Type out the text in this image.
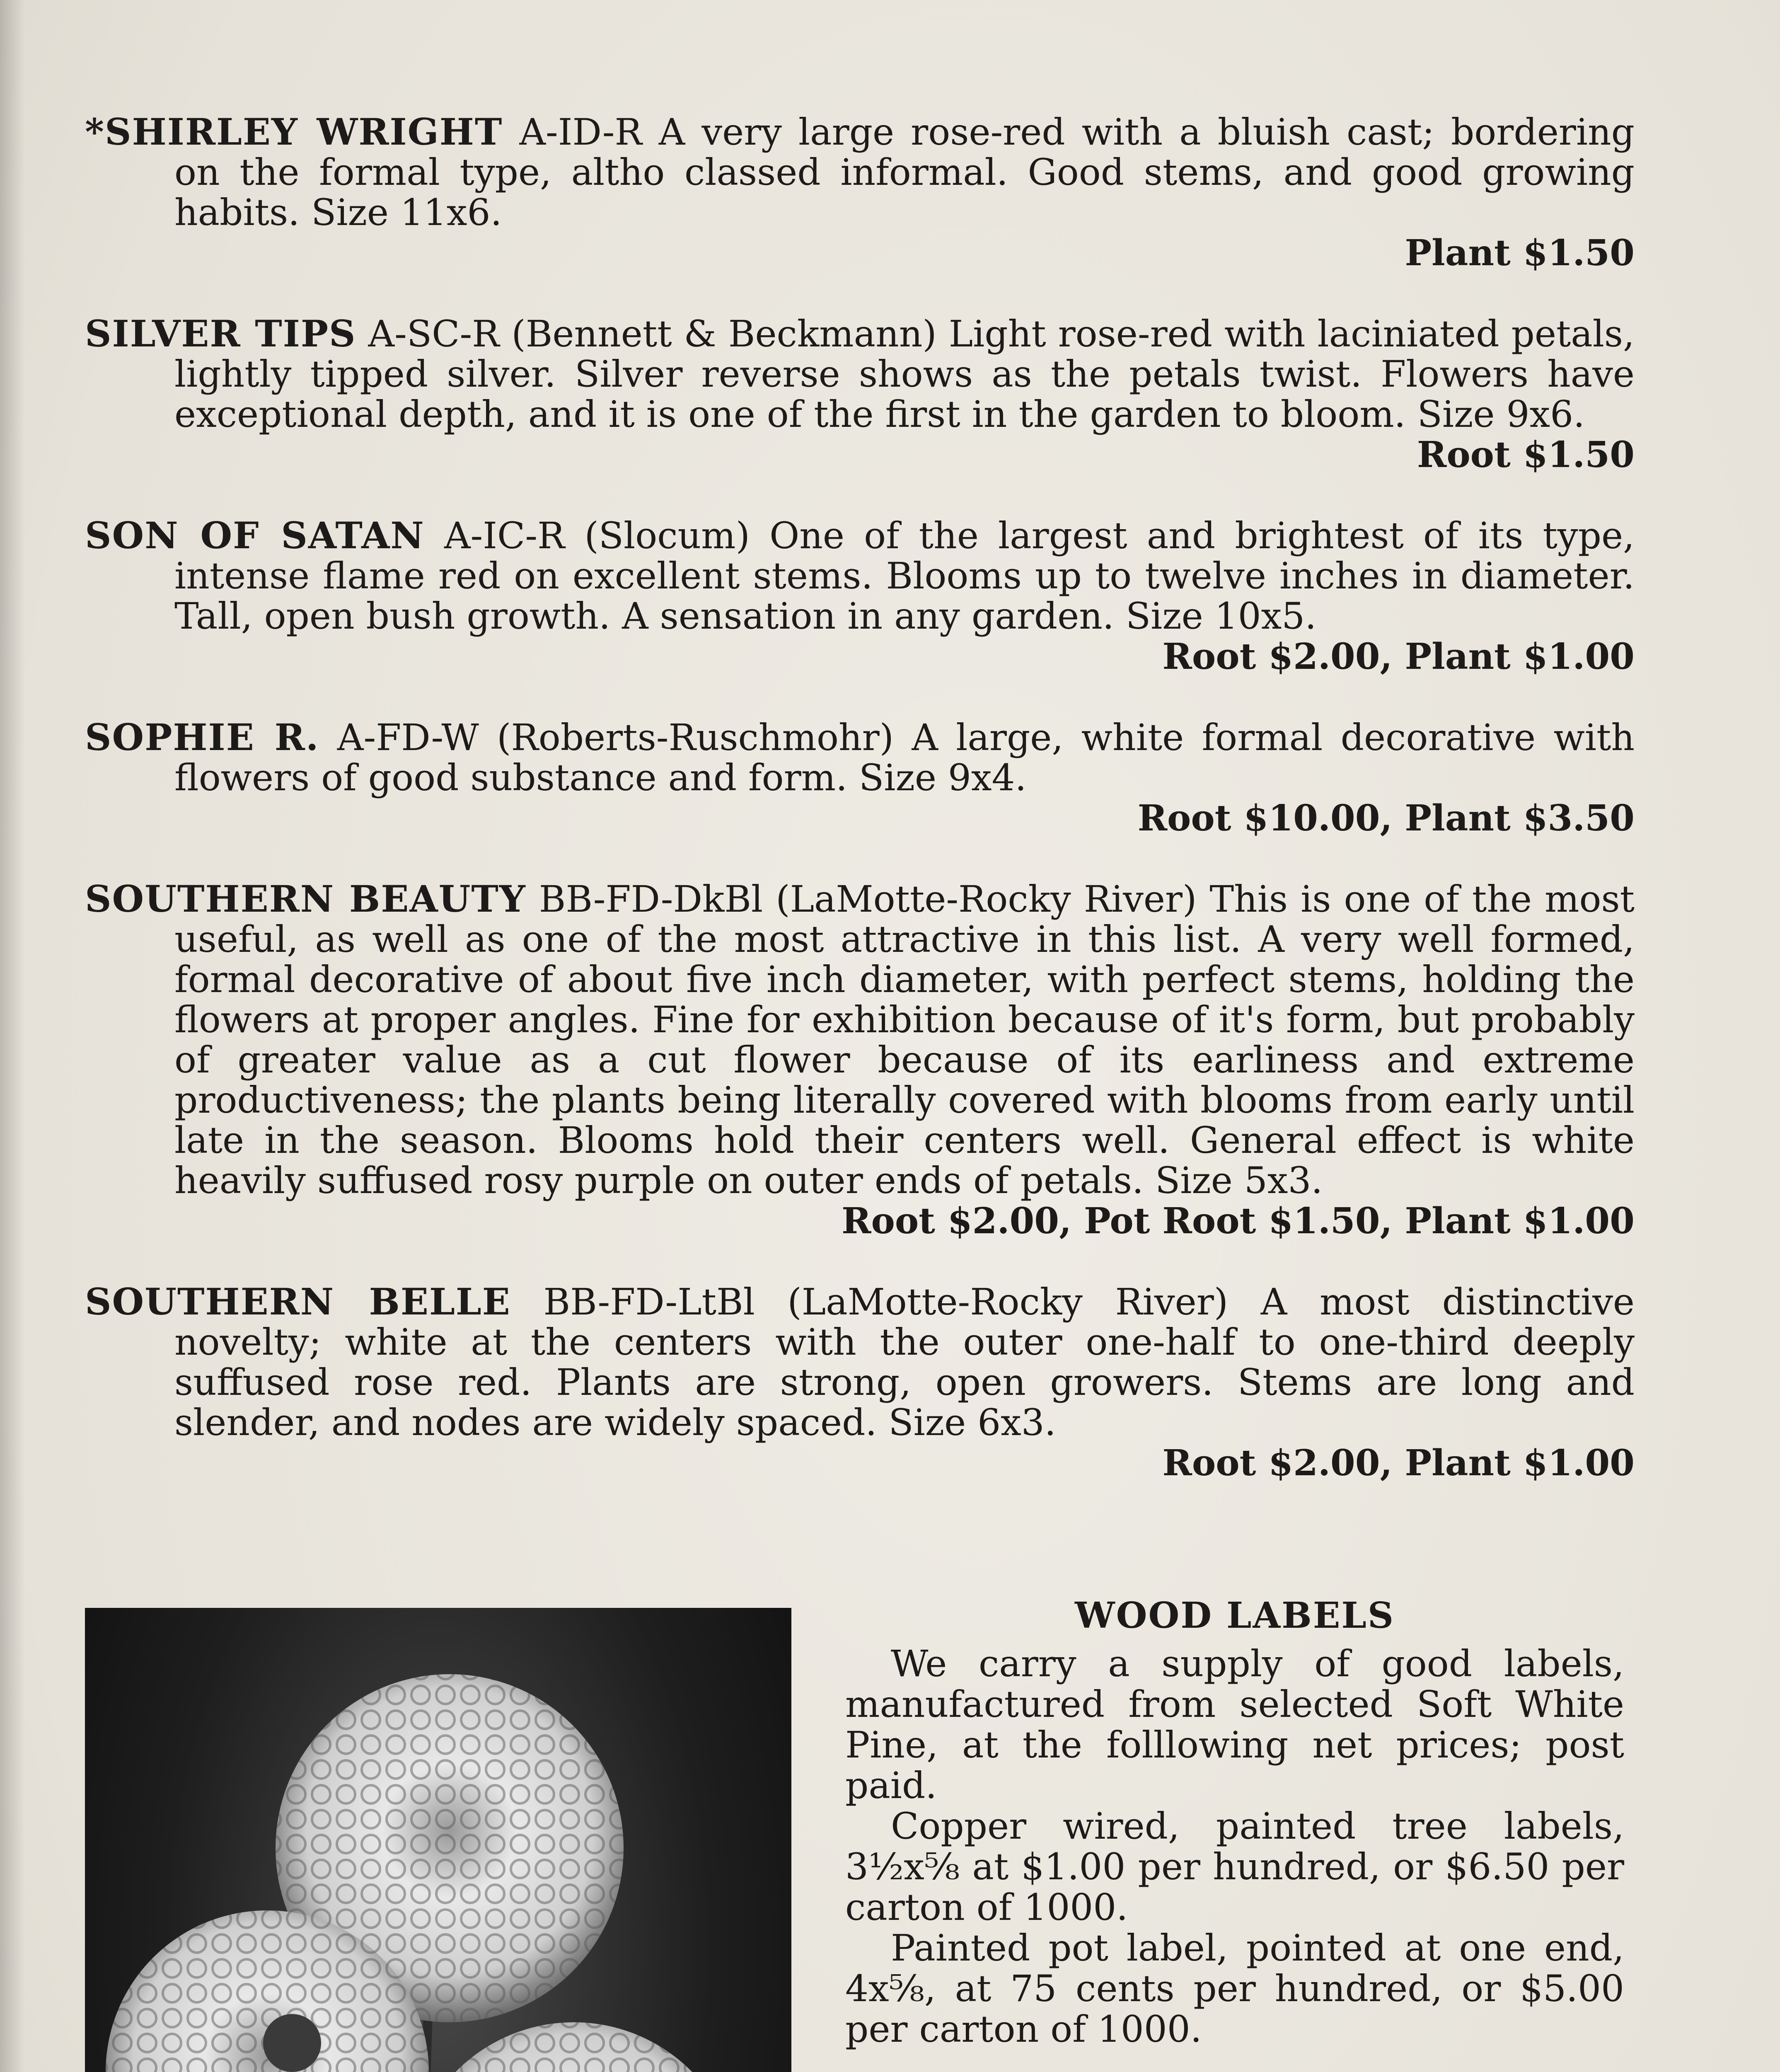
*SHIRLEY WRIGHT A-ID-R A very large rose-red with a bluish cast; bordering on the formal type, altho classed informal. Good stems, and good growing habits. Size 11x6.
Plant $1.50
SILVER TIPS A-SC-R (Bennett & Beckmann) Light rose-red with laciniated petals, lightly tipped silver. Silver reverse shows as the petals twist. Flowers have exceptional depth, and it is one of the first in the garden to bloom. Size 9x6.
Root $1.50
SON OF SATAN A-IC-R (Slocum) One of the largest and brightest of its type, intense flame red on excellent stems. Blooms up to twelve inches in diameter. Tall, open bush growth. A sensation in any garden. Size 10x5.
Root $2.00, Plant $1.00
SOPHIE R. A-FD-W (Roberts-Ruschmohr) A large, white formal decorative with flowers of good substance and form. Size 9x4.
Root $10.00, Plant $3.50
SOUTHERN BEAUTY BB-FD-DkBl (LaMotte-Rocky River) This is one of the most useful, as well as one of the most attractive in this list. A very well formed, formal decorative of about five inch diameter, with perfect stems, holding the flowers at proper angles. Fine for exhibition because of it's form, but probably of greater value as a cut flower because of its earliness and extreme productiveness; the plants being literally covered with blooms from early until late in the season. Blooms hold their centers well. General effect is white heavily suffused rosy purple on outer ends of petals. Size 5x3.
Root $2.00, Pot Root $1.50, Plant $1.00
SOUTHERN BELLE BB-FD-LtBl (LaMotte-Rocky River) A most distinctive novelty; white at the centers with the outer one-half to one-third deeply suffused rose red. Plants are strong, open growers. Stems are long and slender, and nodes are widely spaced. Size 6x3.
Root $2.00, Plant $1.00
WOOD LABELS

We carry a supply of good labels, manufactured from selected Soft White Pine, at the folllowing net prices; post paid.

Copper wired, painted tree labels, 3½x⅝ at $1.00 per hundred, or $6.50 per carton of 1000.

Painted pot label, pointed at one end, 4x⅝, at 75 cents per hundred, or $5.00 per carton of 1000.
